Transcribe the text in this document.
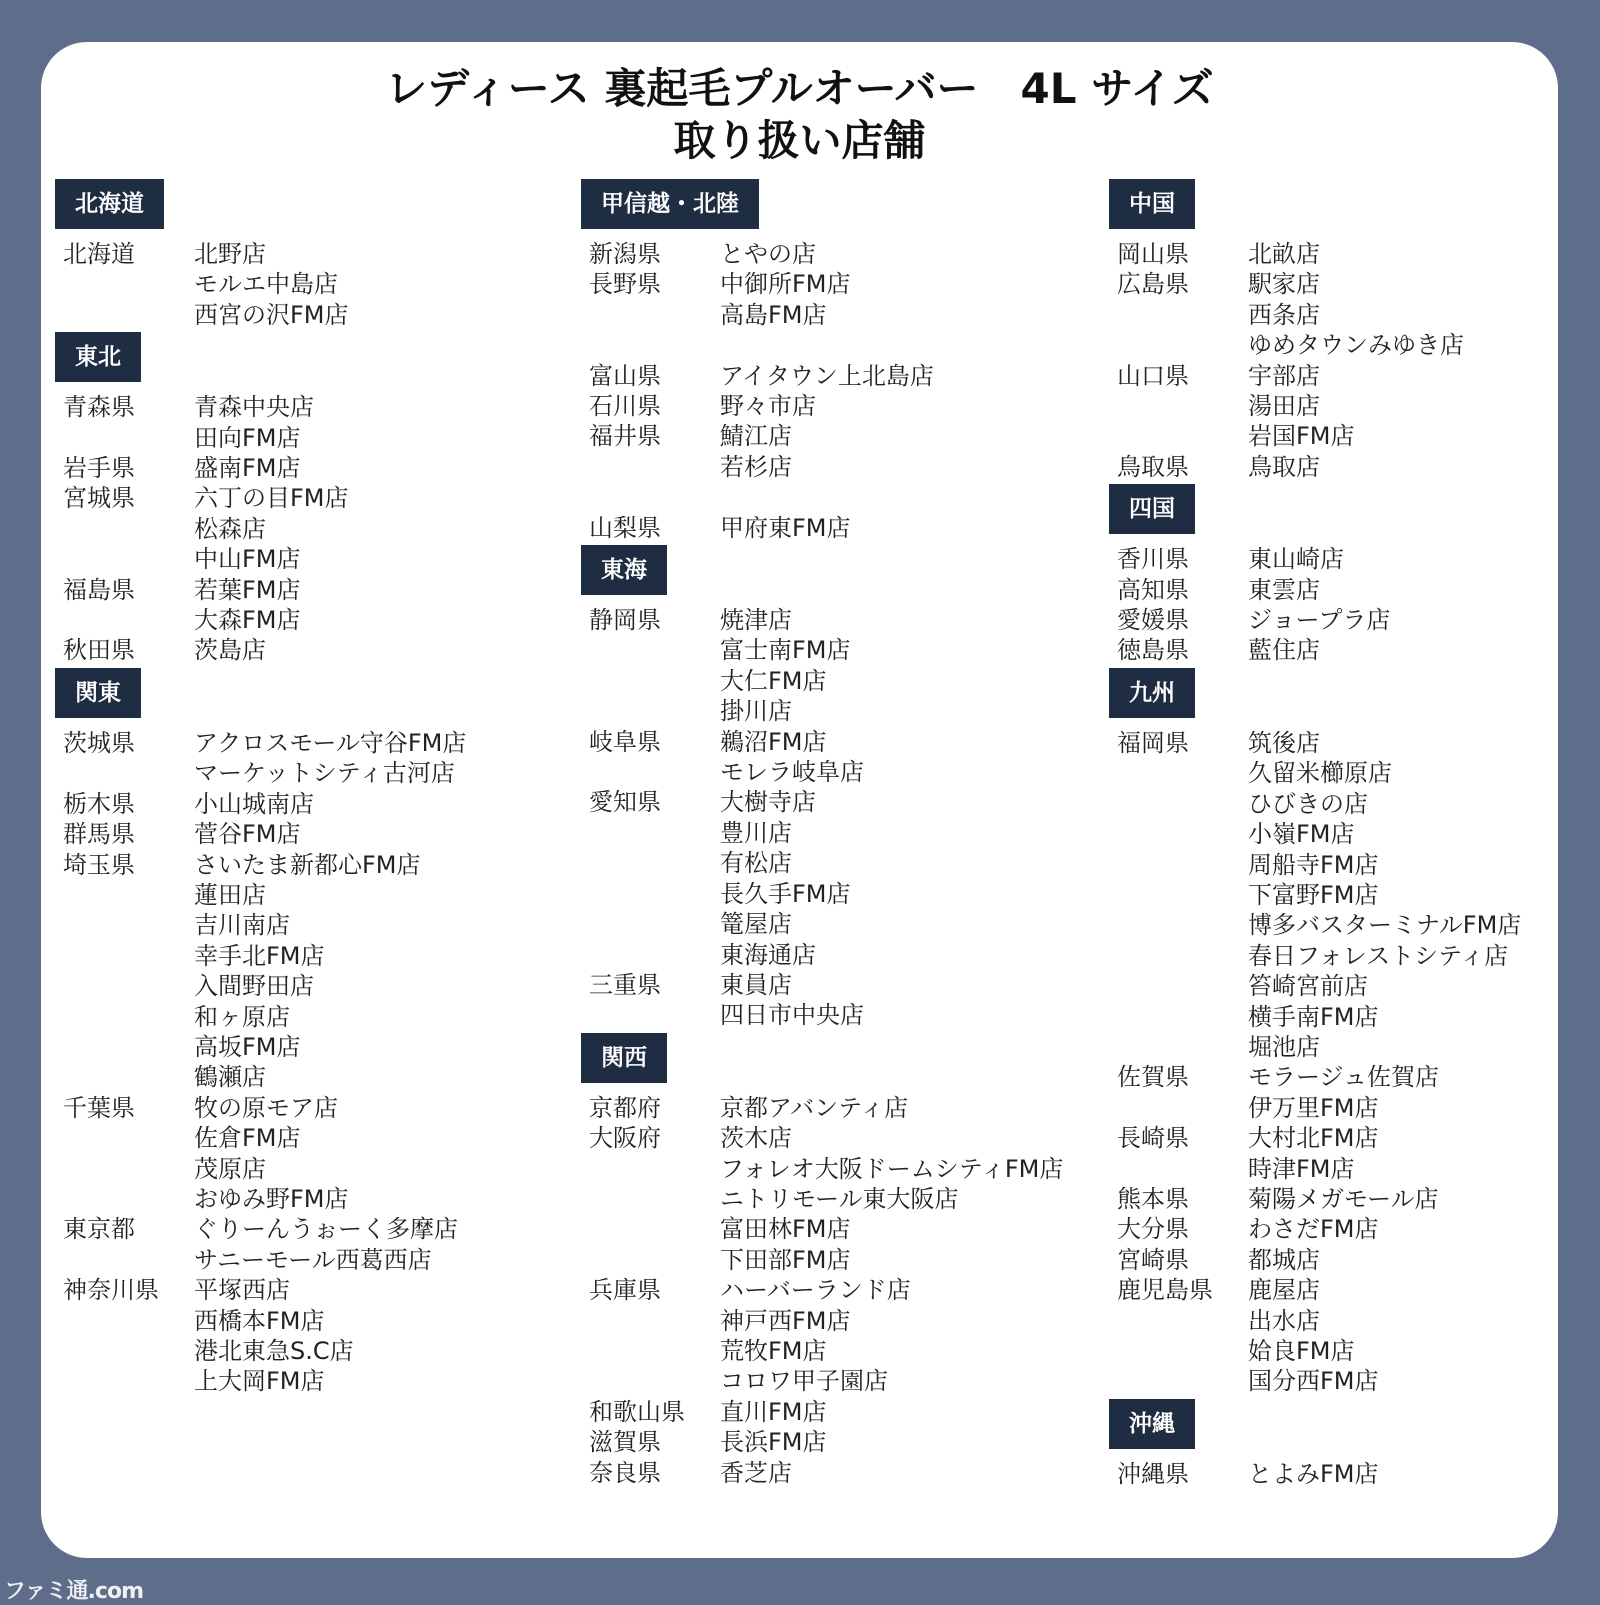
レディース 裏起毛プルオーバー　4L サイズ
取り扱い店舗
北海道
北海道	北野店
モルエ中島店
西宮の沢FM店
東北
青森県	青森中央店
田向FM店
岩手県	盛南FM店
宮城県	六丁の目FM店
松森店
中山FM店
福島県	若葉FM店
大森FM店
秋田県	茨島店
関東
茨城県	アクロスモール守谷FM店
マーケットシティ古河店
栃木県	小山城南店
群馬県	菅谷FM店
埼玉県	さいたま新都心FM店
蓮田店
吉川南店
幸手北FM店
入間野田店
和ヶ原店
高坂FM店
鶴瀬店
千葉県	牧の原モア店
佐倉FM店
茂原店
おゆみ野FM店
東京都	ぐりーんうぉーく多摩店
サニーモール西葛西店
神奈川県	平塚西店
西橋本FM店
港北東急S.C店
上大岡FM店
甲信越・北陸
新潟県	とやの店
長野県	中御所FM店
高島FM店
富山県	アイタウン上北島店
石川県	野々市店
福井県	鯖江店
若杉店
山梨県	甲府東FM店
東海
静岡県	焼津店
富士南FM店
大仁FM店
掛川店
岐阜県	鵜沼FM店
モレラ岐阜店
愛知県	大樹寺店
豊川店
有松店
長久手FM店
篭屋店
東海通店
三重県	東員店
四日市中央店
関西
京都府	京都アバンティ店
大阪府	茨木店
フォレオ大阪ドームシティFM店
ニトリモール東大阪店
富田林FM店
下田部FM店
兵庫県	ハーバーランド店
神戸西FM店
荒牧FM店
コロワ甲子園店
和歌山県	直川FM店
滋賀県	長浜FM店
奈良県	香芝店
中国
岡山県	北畝店
広島県	駅家店
西条店
ゆめタウンみゆき店
山口県	宇部店
湯田店
岩国FM店
鳥取県	鳥取店
四国
香川県	東山崎店
高知県	東雲店
愛媛県	ジョープラ店
徳島県	藍住店
九州
福岡県	筑後店
久留米櫛原店
ひびきの店
小嶺FM店
周船寺FM店
下富野FM店
博多バスターミナルFM店
春日フォレストシティ店
笞崎宮前店
横手南FM店
堀池店
佐賀県	モラージュ佐賀店
伊万里FM店
長崎県	大村北FM店
時津FM店
熊本県	菊陽メガモール店
大分県	わさだFM店
宮崎県	都城店
鹿児島県	鹿屋店
出水店
姶良FM店
国分西FM店
沖縄
沖縄県	とよみFM店
ファミ通.com
